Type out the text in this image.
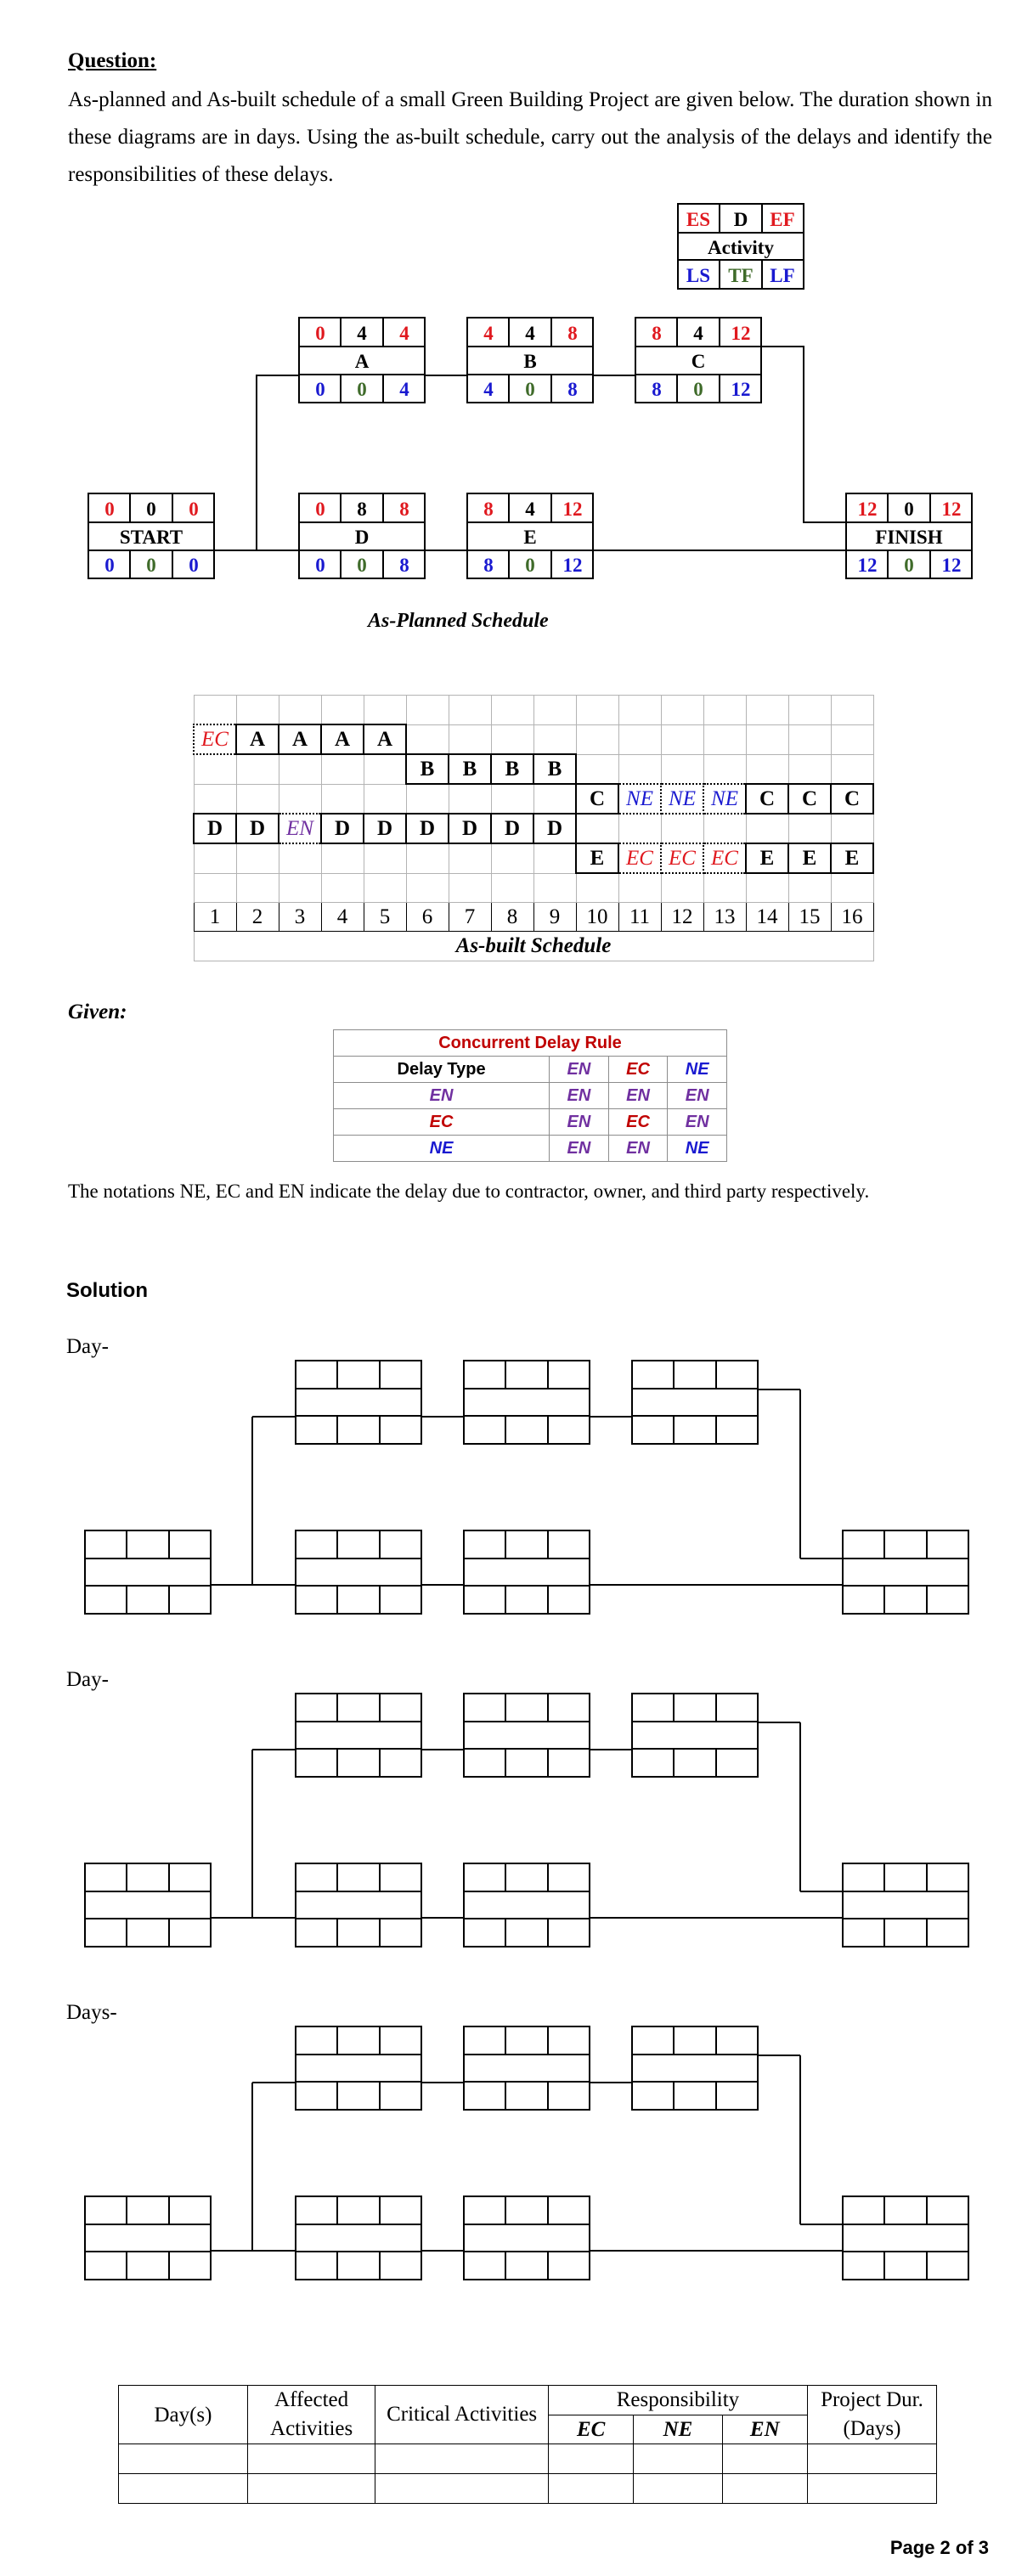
Question:
As-planned and As-built schedule of a small Green Building Project are given below. The duration shown in these diagrams are in days. Using the as-built schedule, carry out the analysis of the delays and identify the responsibilities of these delays.
ES D EF
Activity
LS TF LF
0 4 4
0 0 4
A
4 4 8
4 0 8
B
8 4 12
8 0 12
C
0 0 0
0 0 0
START
0 8 8
0 0 8
D
8 4 12
8 0 12
E
12 0 12
12 0 12
FINISH
As-Planned Schedule

EC	A	A	A	A											
					B	B	B	B							
									C	NE	NE	NE	C	C	C
D	D	EN	D	D	D	D	D	D							
									E	EC	EC	EC	E	E	E

1	2	3	4	5	6	7	8	9	10	11	12	13	14	15	16
As-built Schedule															
Given:
Concurrent Delay Rule			
Delay Type	EN	EC	NE
EN	EN	EN	EN
EC	EN	EC	EN
NE	EN	EN	NE
The notations NE, EC and EN indicate the delay due to contractor, owner, and third party respectively.
Solution
Day-
Day-
Days-
Day(s)	Affected Activities	Critical Activities	Responsibility			Project Dur. (Days)
			EC	NE	EN	

Page 2 of 3
